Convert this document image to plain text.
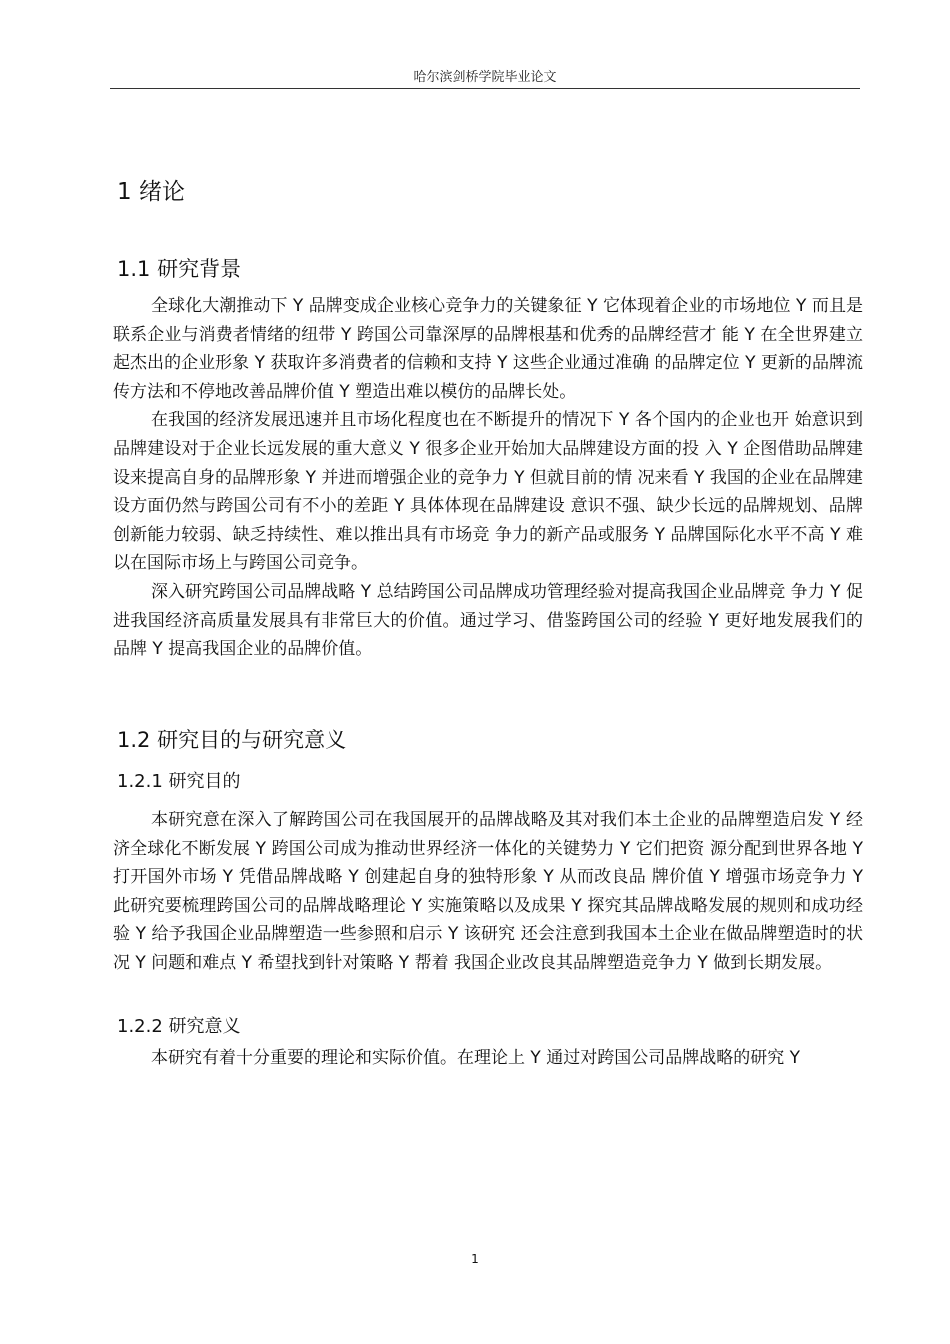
哈尔滨剑桥学院毕业论文
1 绪论
1.1 研究背景

全球化大潮推动下 Y 品牌变成企业核心竞争力的关键象征 Y 它体现着企业的市场地位 Y 而且是联系企业与消费者情绪的纽带 Y 跨国公司靠深厚的品牌根基和优秀的品牌经营才 能 Y 在全世界建立起杰出的企业形象 Y 获取许多消费者的信赖和支持 Y 这些企业通过准确 的品牌定位 Y 更新的品牌流传方法和不停地改善品牌价值 Y 塑造出难以模仿的品牌长处。

在我国的经济发展迅速并且市场化程度也在不断提升的情况下 Y 各个国内的企业也开 始意识到品牌建设对于企业长远发展的重大意义 Y 很多企业开始加大品牌建设方面的投 入 Y 企图借助品牌建设来提高自身的品牌形象 Y 并进而增强企业的竞争力 Y 但就目前的情 况来看 Y 我国的企业在品牌建设方面仍然与跨国公司有不小的差距 Y 具体体现在品牌建设 意识不强、缺少长远的品牌规划、品牌创新能力较弱、缺乏持续性、难以推出具有市场竞 争力的新产品或服务 Y 品牌国际化水平不高 Y 难以在国际市场上与跨国公司竞争。

深入研究跨国公司品牌战略 Y 总结跨国公司品牌成功管理经验对提高我国企业品牌竞 争力 Y 促进我国经济高质量发展具有非常巨大的价值。通过学习、借鉴跨国公司的经验 Y 更好地发展我们的品牌 Y 提高我国企业的品牌价值。

1.2 研究目的与研究意义
1.2.1 研究目的

本研究意在深入了解跨国公司在我国展开的品牌战略及其对我们本土企业的品牌塑造启发 Y 经济全球化不断发展 Y 跨国公司成为推动世界经济一体化的关键势力 Y 它们把资 源分配到世界各地 Y 打开国外市场 Y 凭借品牌战略 Y 创建起自身的独特形象 Y 从而改良品 牌价值 Y 增强市场竞争力 Y 此研究要梳理跨国公司的品牌战略理论 Y 实施策略以及成果 Y 探究其品牌战略发展的规则和成功经验 Y 给予我国企业品牌塑造一些参照和启示 Y 该研究 还会注意到我国本土企业在做品牌塑造时的状况 Y 问题和难点 Y 希望找到针对策略 Y 帮着 我国企业改良其品牌塑造竞争力 Y 做到长期发展。

1.2.2 研究意义

本研究有着十分重要的理论和实际价值。在理论上 Y 通过对跨国公司品牌战略的研究 Y

1
